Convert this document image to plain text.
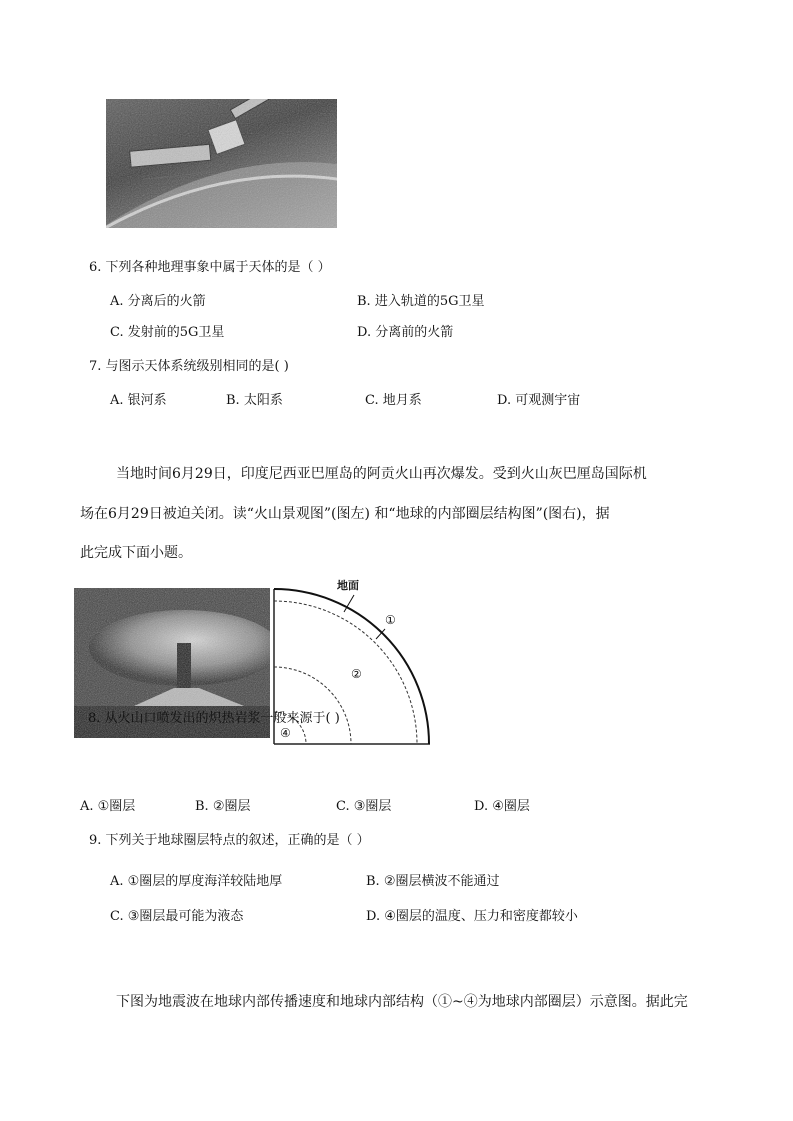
6. 下列各种地理事象中属于天体的是（ ）
A. 分离后的火箭	B. 进入轨道的5G卫星
C. 发射前的5G卫星	D. 分离前的火箭
7. 与图示天体系统级别相同的是( )
A. 银河系	B. 太阳系	C. 地月系	D. 可观测宇宙
当地时间6月29日，印度尼西亚巴厘岛的阿贡火山再次爆发。受到火山灰巴厘岛国际机
场在6月29日被迫关闭。读“火山景观图”(图左) 和“地球的内部圈层结构图”(图右)，据
此完成下面小题。
地面
①
②
④
8. 从火山口喷发出的炽热岩浆一般来源于( )
A. ①圈层	B. ②圈层	C. ③圈层	D. ④圈层
9. 下列关于地球圈层特点的叙述，正确的是（ ）
A. ①圈层的厚度海洋较陆地厚	B. ②圈层横波不能通过
C. ③圈层最可能为液态	D. ④圈层的温度、压力和密度都较小
下图为地震波在地球内部传播速度和地球内部结构（①~④为地球内部圈层）示意图。据此完
